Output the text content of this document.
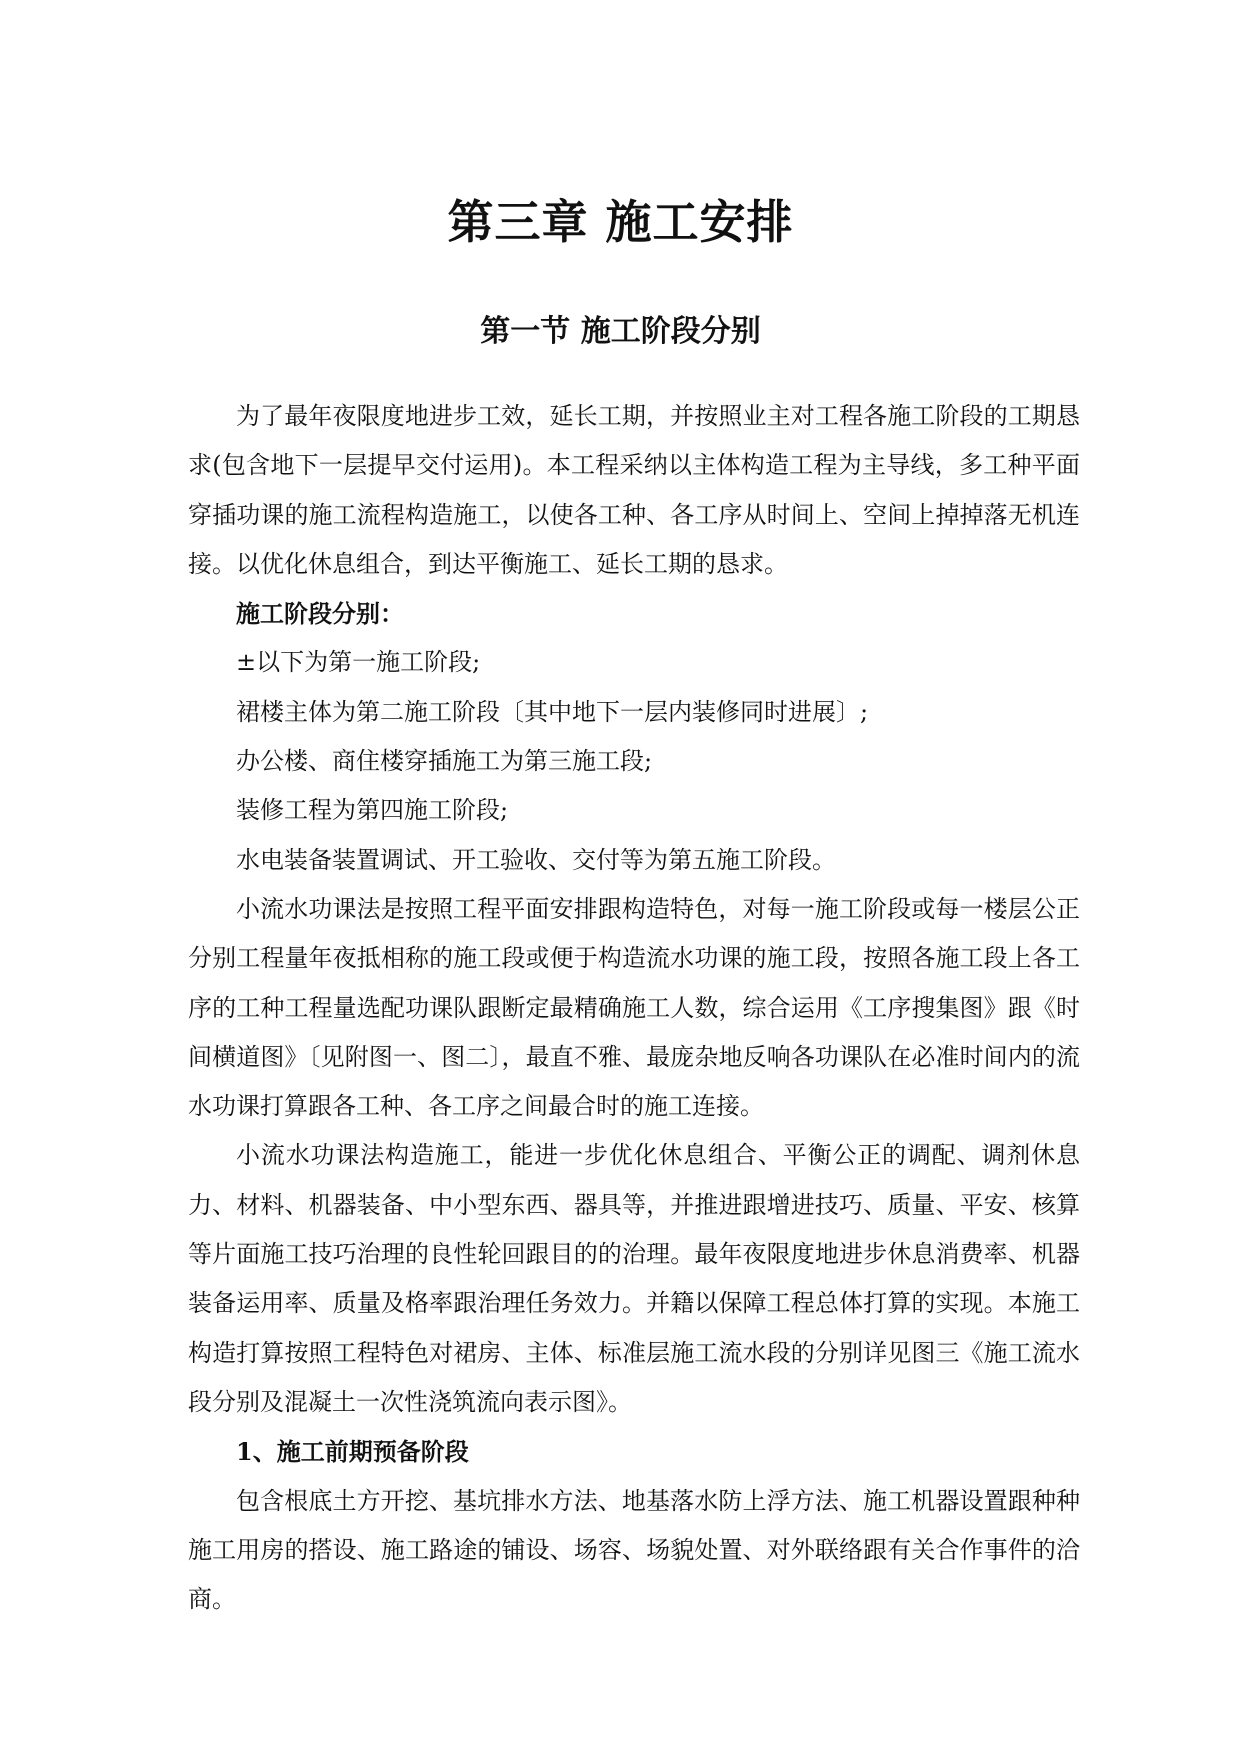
第三章 施工安排
第一节 施工阶段分别

为了最年夜限度地进步工效，延长工期，并按照业主对工程各施工阶段的工期恳求(包含地下一层提早交付运用)。本工程采纳以主体构造工程为主导线，多工种平面穿插功课的施工流程构造施工，以使各工种、各工序从时间上、空间上掉掉落无机连接。以优化休息组合，到达平衡施工、延长工期的恳求。

施工阶段分别：

±以下为第一施工阶段;

裙楼主体为第二施工阶段〔其中地下一层内装修同时进展〕;

办公楼、商住楼穿插施工为第三施工段;

装修工程为第四施工阶段;

水电装备装置调试、开工验收、交付等为第五施工阶段。

小流水功课法是按照工程平面安排跟构造特色，对每一施工阶段或每一楼层公正分别工程量年夜抵相称的施工段或便于构造流水功课的施工段，按照各施工段上各工序的工种工程量选配功课队跟断定最精确施工人数，综合运用《工序搜集图》跟《时间横道图》〔见附图一、图二〕，最直不雅、最庞杂地反响各功课队在必准时间内的流水功课打算跟各工种、各工序之间最合时的施工连接。

小流水功课法构造施工，能进一步优化休息组合、平衡公正的调配、调剂休息力、材料、机器装备、中小型东西、器具等，并推进跟增进技巧、质量、平安、核算等片面施工技巧治理的良性轮回跟目的的治理。最年夜限度地进步休息消费率、机器装备运用率、质量及格率跟治理任务效力。并籍以保障工程总体打算的实现。本施工构造打算按照工程特色对裙房、主体、标准层施工流水段的分别详见图三《施工流水段分别及混凝土一次性浇筑流向表示图》。

1、施工前期预备阶段

包含根底土方开挖、基坑排水方法、地基落水防上浮方法、施工机器设置跟种种施工用房的搭设、施工路途的铺设、场容、场貌处置、对外联络跟有关合作事件的洽商。
